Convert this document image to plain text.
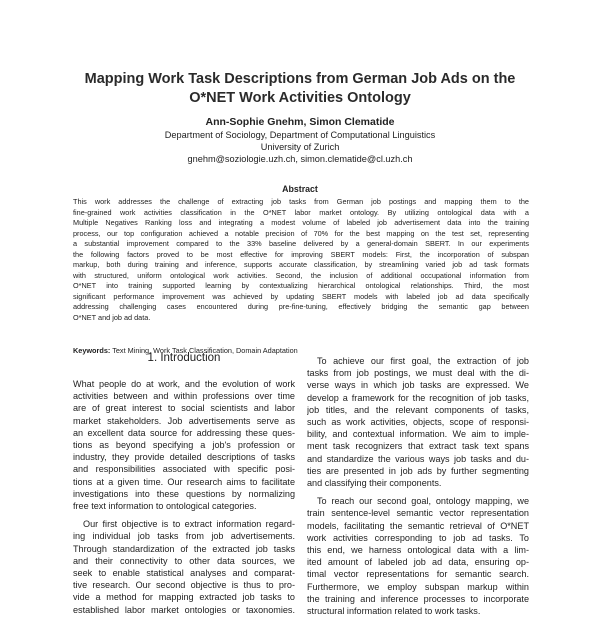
Mapping Work Task Descriptions from German Job Ads on the
O*NET Work Activities Ontology
Ann-Sophie Gnehm, Simon Clematide
Department of Sociology, Department of Computational Linguistics
University of Zurich
gnehm@soziologie.uzh.ch, simon.clematide@cl.uzh.ch
Abstract
This work addresses the challenge of extracting job tasks from German job postings and mapping them to the
fine-grained work activities classification in the O*NET labor market ontology. By utilizing ontological data with a
Multiple Negatives Ranking loss and integrating a modest volume of labeled job advertisement data into the training
process, our top configuration achieved a notable precision of 70% for the best mapping on the test set, representing
a substantial improvement compared to the 33% baseline delivered by a general-domain SBERT. In our experiments
the following factors proved to be most effective for improving SBERT models: First, the incorporation of subspan
markup, both during training and inference, supports accurate classification, by streamlining varied job ad task formats
with structured, uniform ontological work activities. Second, the inclusion of additional occupational information from
O*NET into training supported learning by contextualizing hierarchical ontological relationships. Third, the most
significant performance improvement was achieved by updating SBERT models with labeled job ad data specifically
addressing challenging cases encountered during pre-fine-tuning, effectively bridging the semantic gap between
O*NET and job ad data.
Keywords: Text Mining, Work Task Classification, Domain Adaptation
1. Introduction
What people do at work, and the evolution of work
activities between and within professions over time
are of great interest to social scientists and labor
market stakeholders. Job advertisements serve as
an excellent data source for addressing these ques-
tions as beyond specifying a job's profession or
industry, they provide detailed descriptions of tasks
and responsibilities associated with specific posi-
tions at a given time. Our research aims to facilitate
investigations into these questions by normalizing
free text information to ontological categories.
Our first objective is to extract information regard-
ing individual job tasks from job advertisements.
Through standardization of the extracted job tasks
and their connectivity to other data sources, we
seek to enable statistical analyses and comparat-
tive research. Our second objective is thus to pro-
vide a method for mapping extracted job tasks to
established labor market ontologies or taxonomies.
To achieve our first goal, the extraction of job
tasks from job postings, we must deal with the di-
verse ways in which job tasks are expressed. We
develop a framework for the recognition of job tasks,
job titles, and the relevant components of tasks,
such as work activities, objects, scope of responsi-
bility, and contextual information. We aim to imple-
ment task recognizers that extract task text spans
and standardize the various ways job tasks and du-
ties are presented in job ads by further segmenting
and classifying their components.
To reach our second goal, ontology mapping, we
train sentence-level semantic vector representation
models, facilitating the semantic retrieval of O*NET
work activities corresponding to job ad tasks. To
this end, we harness ontological data with a lim-
ited amount of labeled job ad data, ensuring op-
timal vector representations for semantic search.
Furthermore, we employ subspan markup within
the training and inference processes to incorporate
structural information related to work tasks.
